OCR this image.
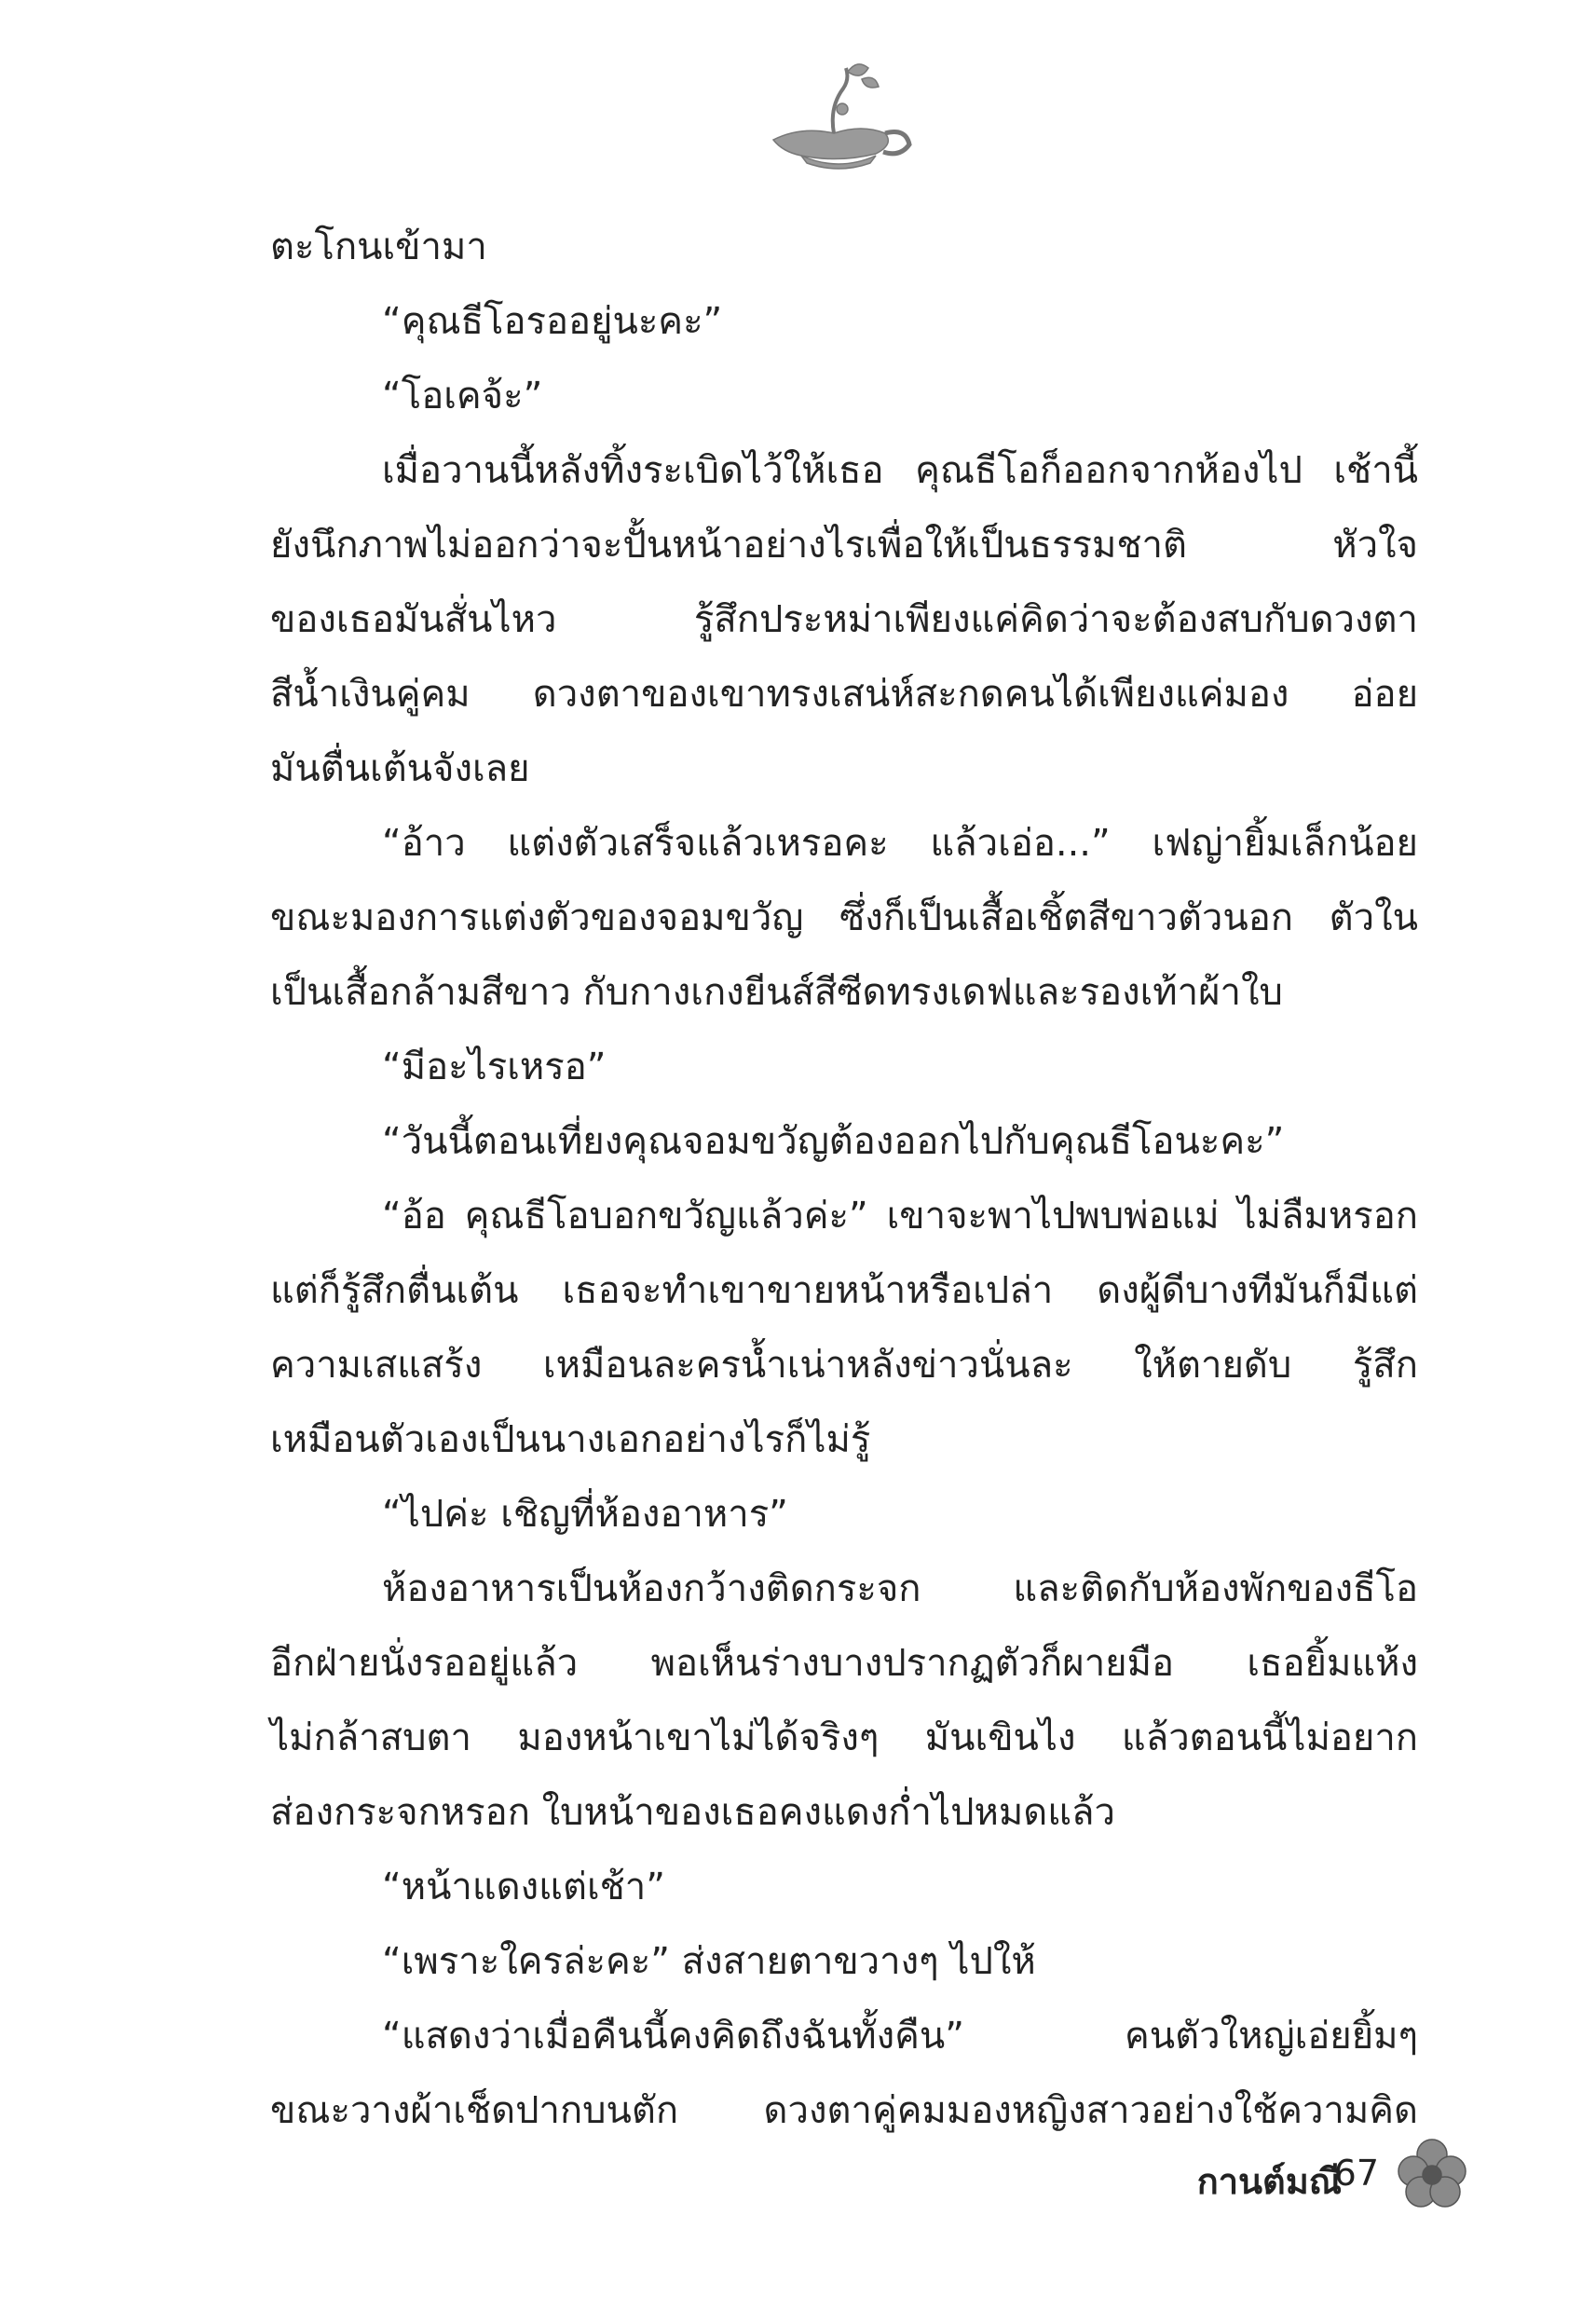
ตะโกนเข้ามา
“คุณธีโอรออยู่นะคะ”
“โอเคจ้ะ”
เมื่อวานนี้หลังทิ้งระเบิดไว้ให้เธอ คุณธีโอก็ออกจากห้องไป เช้านี้
ยังนึกภาพไม่ออกว่าจะปั้นหน้าอย่างไรเพื่อให้เป็นธรรมชาติ หัวใจ
ของเธอมันสั่นไหว รู้สึกประหม่าเพียงแค่คิดว่าจะต้องสบกับดวงตา
สีน้ำเงินคู่คม ดวงตาของเขาทรงเสน่ห์สะกดคนได้เพียงแค่มอง อ่อย
มันตื่นเต้นจังเลย
“อ้าว แต่งตัวเสร็จแล้วเหรอคะ แล้วเอ่อ...” เฟญ่ายิ้มเล็กน้อย
ขณะมองการแต่งตัวของจอมขวัญ ซึ่งก็เป็นเสื้อเชิ้ตสีขาวตัวนอก ตัวใน
เป็นเสื้อกล้ามสีขาว กับกางเกงยีนส์สีซีดทรงเดฟและรองเท้าผ้าใบ
“มีอะไรเหรอ”
“วันนี้ตอนเที่ยงคุณจอมขวัญต้องออกไปกับคุณธีโอนะคะ”
“อ้อ คุณธีโอบอกขวัญแล้วค่ะ” เขาจะพาไปพบพ่อแม่ ไม่ลืมหรอก
แต่ก็รู้สึกตื่นเต้น เธอจะทำเขาขายหน้าหรือเปล่า ดงผู้ดีบางทีมันก็มีแต่
ความเสแสร้ง เหมือนละครน้ำเน่าหลังข่าวนั่นละ ให้ตายดับ รู้สึก
เหมือนตัวเองเป็นนางเอกอย่างไรก็ไม่รู้
“ไปค่ะ เชิญที่ห้องอาหาร”
ห้องอาหารเป็นห้องกว้างติดกระจก และติดกับห้องพักของธีโอ
อีกฝ่ายนั่งรออยู่แล้ว พอเห็นร่างบางปรากฏตัวก็ผายมือ เธอยิ้มแห้ง
ไม่กล้าสบตา มองหน้าเขาไม่ได้จริงๆ มันเขินไง แล้วตอนนี้ไม่อยาก
ส่องกระจกหรอก ใบหน้าของเธอคงแดงก่ำไปหมดแล้ว
“หน้าแดงแต่เช้า”
“เพราะใครล่ะคะ” ส่งสายตาขวางๆ ไปให้
“แสดงว่าเมื่อคืนนี้คงคิดถึงฉันทั้งคืน” คนตัวใหญ่เอ่ยยิ้มๆ
ขณะวางผ้าเช็ดปากบนตัก ดวงตาคู่คมมองหญิงสาวอย่างใช้ความคิด
กานต์มณี
67
